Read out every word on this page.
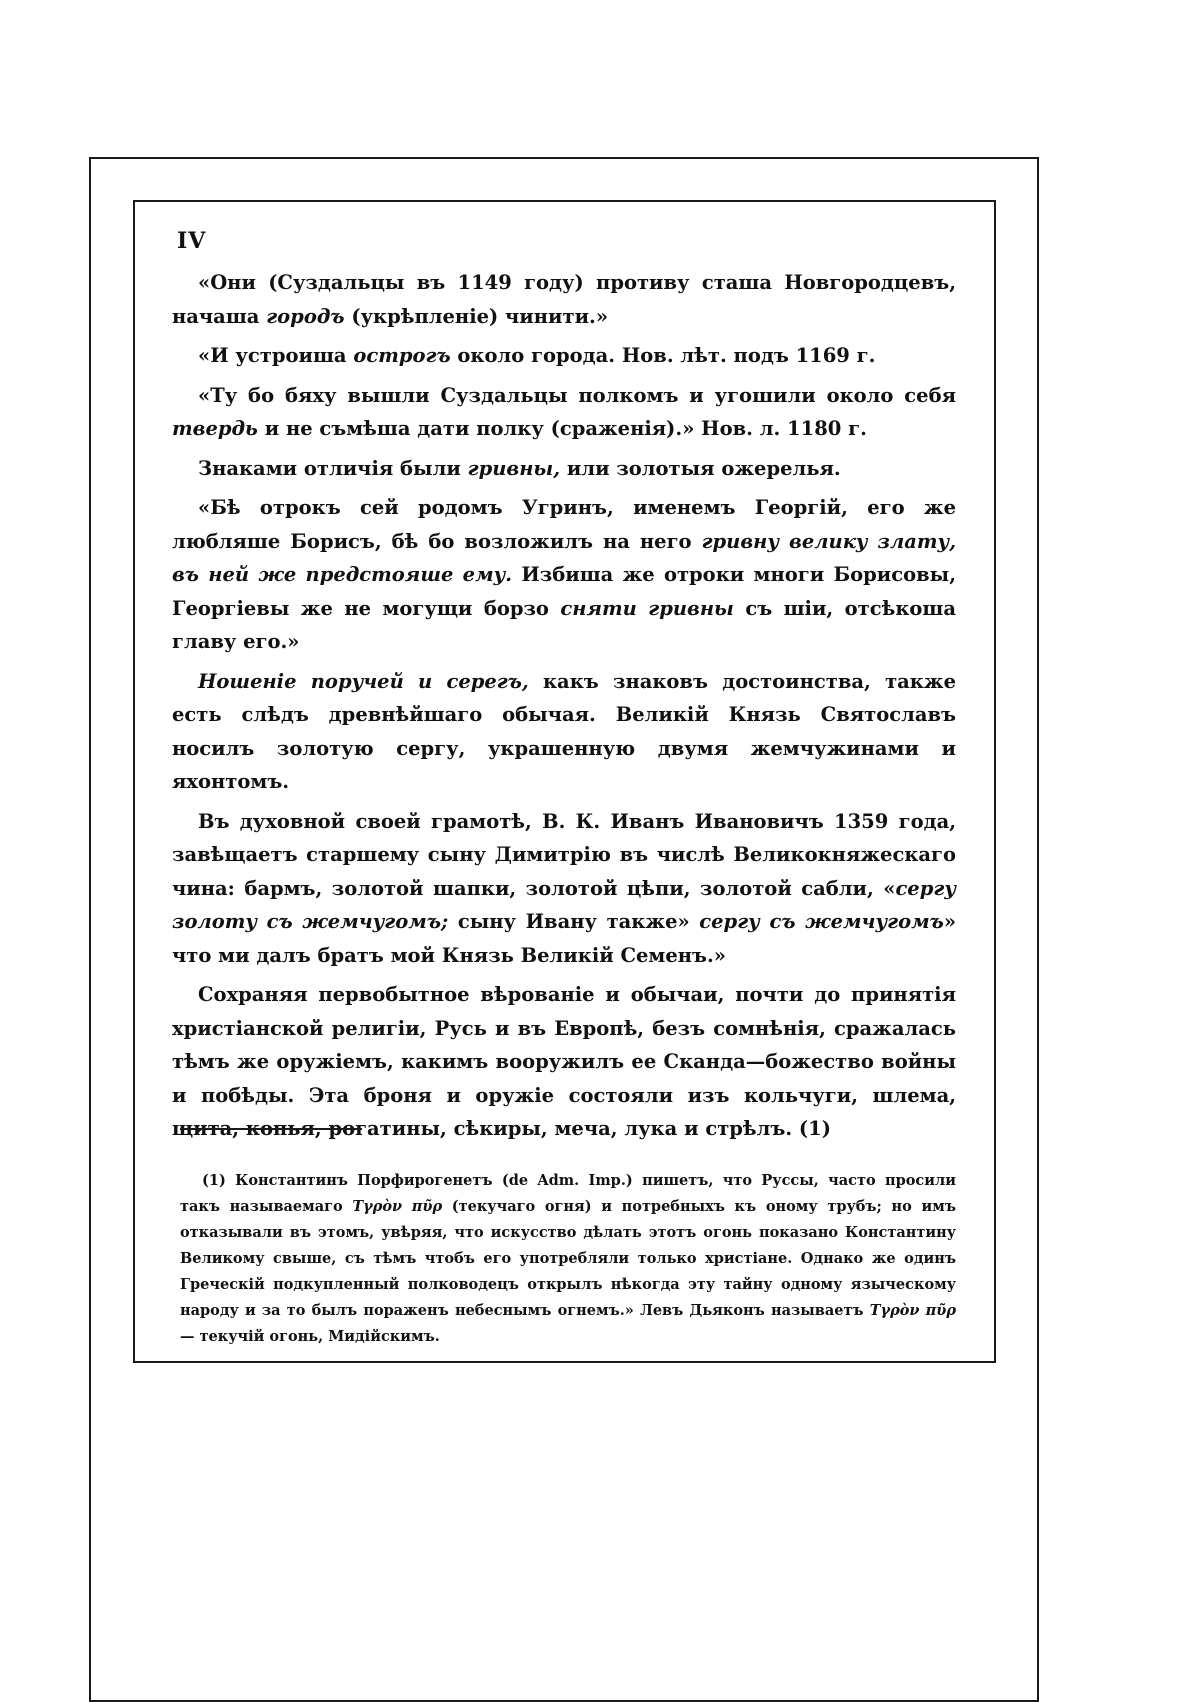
IV

«Они (Суздальцы въ 1149 году) противу сташа Новгородцевъ, начаша городъ (укрѣпленіе) чинити.»

«И устроиша острогъ около города. Нов. лѣт. подъ 1169 г.

«Ту бо бяху вышли Суздальцы полкомъ и угошили около себя твердь и не съмѣша дати полку (сраженія).» Нов. л. 1180 г.

Знаками отличія были гривны, или золотыя ожерелья.

«Бѣ отрокъ сей родомъ Угринъ, именемъ Георгій, его же любляше Борисъ, бѣ бо возложилъ на него гривну велику злату, въ ней же предстояше ему. Избиша же отроки многи Борисовы, Георгіевы же не могущи борзо сняти гривны съ шіи, отсѣкоша главу его.»

Ношеніе поручей и серегъ, какъ знаковъ достоинства, также есть слѣдъ древнѣйшаго обычая. Великій Князь Святославъ носилъ золотую сергу, украшенную двумя жемчужинами и яхонтомъ.

Въ духовной своей грамотѣ, В. К. Иванъ Ивановичъ 1359 года, завѣщаетъ старшему сыну Димитрію въ числѣ Великокняжескаго чина: бармъ, золотой шапки, золотой цѣпи, золотой сабли, «сергу золоту съ жемчугомъ; сыну Ивану также» сергу съ жемчугомъ» что ми далъ братъ мой Князь Великій Семенъ.»

Сохраняя первобытное вѣрованіе и обычаи, почти до принятія христіанской религіи, Русь и въ Европѣ, безъ сомнѣнія, сражалась тѣмъ же оружіемъ, какимъ вооружилъ ее Сканда—божество войны и побѣды. Эта броня и оружіе состояли изъ кольчуги, шлема, щита, копья, рогатины, сѣкиры, меча, лука и стрѣлъ. (1)

(1) Константинъ Порфирогенетъ (de Adm. Imp.) пишетъ, что Руссы, часто просили такъ называемаго Τγρὸν πῦρ (текучаго огня) и потребныхъ къ оному трубъ; но имъ отказывали въ этомъ, увѣряя, что искусство дѣлать этотъ огонь показано Константину Великому свыше, съ тѣмъ чтобъ его употребляли только христіане. Однако же одинъ Греческій подкупленный полководецъ открылъ нѣкогда эту тайну одному языческому народу и за то былъ пораженъ небеснымъ огнемъ.» Левъ Дьяконъ называетъ Τγρὸν πῦρ — текучій огонь, Мидійскимъ.
